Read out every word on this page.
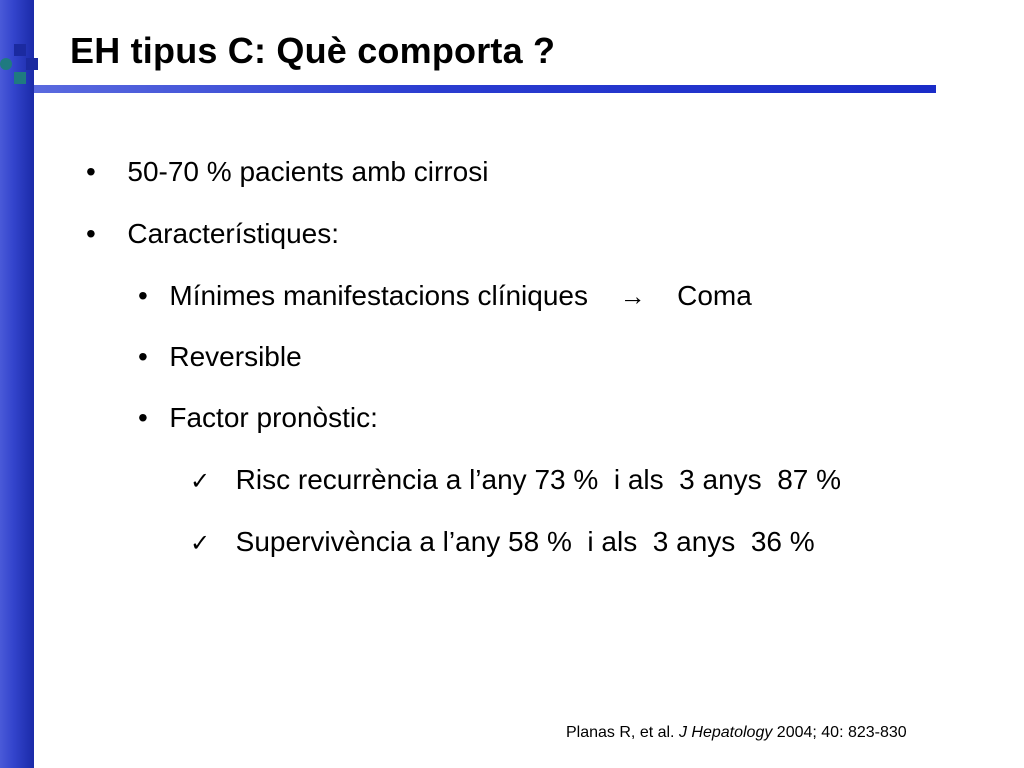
EH tipus C: Què comporta ?
• 50-70 % pacients amb cirrosi
• Característiques:
• Mínimes manifestacions clíniques → Coma
• Reversible
• Factor pronòstic:
✓ Risc recurrència a l’any 73 %  i als  3 anys  87 %
✓ Supervivència a l’any 58 %  i als  3 anys  36 %
Planas R, et al. J Hepatology 2004; 40: 823-830
